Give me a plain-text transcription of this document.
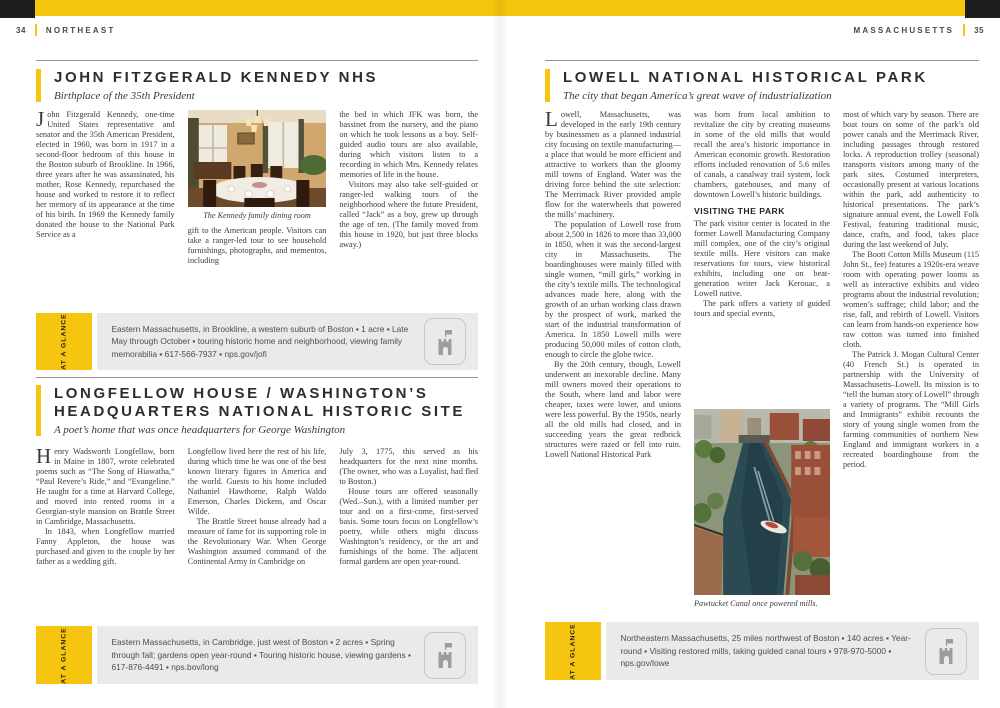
34	NORTHEAST	MASSACHUSETTS	35
JOHN FITZGERALD KENNEDY NHS
Birthplace of the 35th President

John Fitzgerald Kennedy, one-time United States representative and senator and the 35th American President, elected in 1960, was born in 1917 in a second-floor bedroom of this house in the Boston suburb of Brookline. In 1966, three years after he was assassinated, his mother, Rose Kennedy, repurchased the house and worked to restore it to reflect her memory of its appearance at the time of his birth. In 1969 the Kennedy family donated the house to the National Park Service as a

The Kennedy family dining room

gift to the American people. Visitors can take a ranger-led tour to see household furnishings, photographs, and mementos, including

the bed in which JFK was born, the bassinet from the nursery, and the piano on which he took lessons as a boy. Self-guided audio tours are also available, during which visitors listen to a recording in which Mrs. Kennedy relates memories of life in the house.

Visitors may also take self-guided or ranger-led walking tours of the neighborhood where the future President, called “Jack” as a boy, grew up through the age of ten. (The family moved from this house in 1920, but just three blocks away.)

AT A GLANCE	Eastern Massachusetts, in Brookline, a western suburb of Boston ▪ 1 acre ▪ Late May through October ▪ touring historic home and neighborhood, viewing family memorabilia ▪ 617-566-7937 ▪ nps.gov/jofi

LONGFELLOW HOUSE / WASHINGTON’S
HEADQUARTERS NATIONAL HISTORIC SITE
A poet’s home that was once headquarters for George Washington

Henry Wadsworth Longfellow, born in Maine in 1807, wrote celebrated poems such as “The Song of Hiawatha,” “Paul Revere’s Ride,” and “Evangeline.” He taught for a time at Harvard College, and moved into rented rooms in a Georgian-style mansion on Brattle Street in Cambridge, Massachusetts.

In 1843, when Longfellow married Fanny Appleton, the house was purchased and given to the couple by her father as a wedding gift.

Longfellow lived here the rest of his life, during which time he was one of the best known literary figures in America and the world. Guests to his home included Nathaniel Hawthorne, Ralph Waldo Emerson, Charles Dickens, and Oscar Wilde.

The Brattle Street house already had a measure of fame for its supporting role in the Revolutionary War. When George Washington assumed command of the Continental Army in Cambridge on

July 3, 1775, this served as his headquarters for the next nine months. (The owner, who was a Loyalist, had fled to Boston.)

House tours are offered seasonally (Wed.–Sun.), with a limited number per tour and on a first-come, first-served basis. Some tours focus on Longfellow’s poetry, while others might discuss Washington’s residency, or the art and furnishings of the home. The adjacent formal gardens are open year-round.

AT A GLANCE	Eastern Massachusetts, in Cambridge, just west of Boston ▪ 2 acres ▪ Spring through fall; gardens open year-round ▪ Touring historic house, viewing gardens ▪ 617-876-4491 ▪ nps.bov/long

LOWELL NATIONAL HISTORICAL PARK
The city that began America’s great wave of industrialization

Lowell, Massachusetts, was developed in the early 19th century by businessmen as a planned industrial city focusing on textile manufacturing—a place that would be more efficient and attractive to workers than the gloomy mill towns of England. Water was the driving force behind the site selection: The Merrimack River provided ample flow for the waterwheels that powered the mills’ machinery.

The population of Lowell rose from about 2,500 in 1826 to more than 33,000 in 1850, when it was the second-largest city in Massachusetts. The boardinghouses were mainly filled with single women, “mill girls,” working in the city’s textile mills. The technological advances made here, along with the growth of an urban working class drawn by the prospect of work, marked the start of the industrial transformation of America. In 1850 Lowell mills were producing 50,000 miles of cotton cloth, enough to circle the globe twice.

By the 20th century, though, Lowell underwent an inexorable decline. Many mill owners moved their operations to the South, where land and labor were cheaper, taxes were lower, and unions were less powerful. By the 1950s, nearly all the old mills had closed, and in succeeding years the great redbrick structures were razed or fell into ruin. Lowell National Historical Park

was born from local ambition to revitalize the city by creating museums in some of the old mills that would recall the area’s historic importance in American economic growth. Restoration efforts included renovation of 5.6 miles of canals, a canalway trail system, lock chambers, gatehouses, and many of downtown Lowell’s historic buildings.

VISITING THE PARK

The park visitor center is located in the former Lowell Manufacturing Company mill complex, one of the city’s original textile mills. Here visitors can make reservations for tours, view historical exhibits, including one on beat-generation writer Jack Kerouac, a Lowell native.

The park offers a variety of guided tours and special events,

Pawtucket Canal once powered mills.

most of which vary by season. There are boat tours on some of the park’s old power canals and the Merrimack River, including passages through restored locks. A reproduction trolley (seasonal) transports visitors among many of the park sites. Costumed interpreters, occasionally present at various locations within the park, add authenticity to historical presentations. The park’s signature annual event, the Lowell Folk Festival, featuring traditional music, dance, crafts, and food, takes place during the last weekend of July.

The Boott Cotton Mills Museum (115 John St., fee) features a 1920s-era weave room with operating power looms as well as interactive exhibits and video programs about the industrial revolution; women’s suffrage; child labor; and the rise, fall, and rebirth of Lowell. Visitors can learn from hands-on experience how raw cotton was turned into finished cloth.

The Patrick J. Mogan Cultural Center (40 French St.) is operated in partnership with the University of Massachusetts–Lowell. Its mission is to “tell the human story of Lowell” through a variety of programs. The “Mill Girls and Immigrants” exhibit recounts the story of young single women from the farming communities of northern New England and immigrant workers in a recreated boardinghouse from the period.

AT A GLANCE	Northeastern Massachusetts, 25 miles northwest of Boston ▪ 140 acres ▪ Year-round ▪ Visiting restored mills, taking guided canal tours ▪ 978-970-5000 ▪ nps.gov/lowe
